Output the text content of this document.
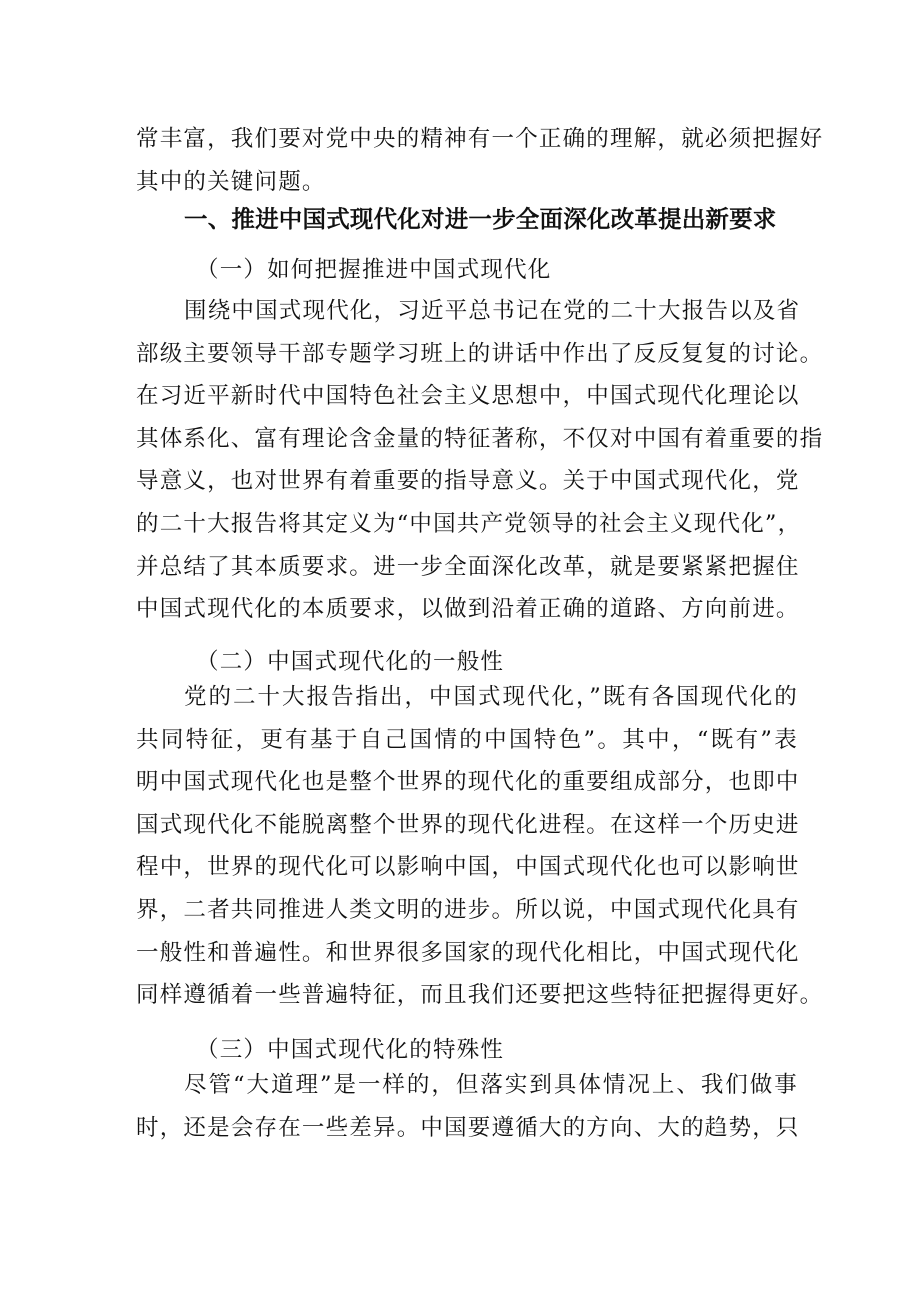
常丰富，我们要对党中央的精神有一个正确的理解，就必须把握好
其中的关键问题。
一、推进中国式现代化对进一步全面深化改革提出新要求
（一）如何把握推进中国式现代化
围绕中国式现代化，习近平总书记在党的二十大报告以及省
部级主要领导干部专题学习班上的讲话中作出了反反复复的讨论。
在习近平新时代中国特色社会主义思想中，中国式现代化理论以
其体系化、富有理论含金量的特征著称，不仅对中国有着重要的指
导意义，也对世界有着重要的指导意义。关于中国式现代化，党
的二十大报告将其定义为“中国共产党领导的社会主义现代化”，
并总结了其本质要求。进一步全面深化改革，就是要紧紧把握住
中国式现代化的本质要求，以做到沿着正确的道路、方向前进。
（二）中国式现代化的一般性
党的二十大报告指出，中国式现代化，”既有各国现代化的
共同特征，更有基于自己国情的中国特色”。其中，“既有”表
明中国式现代化也是整个世界的现代化的重要组成部分，也即中
国式现代化不能脱离整个世界的现代化进程。在这样一个历史进
程中，世界的现代化可以影响中国，中国式现代化也可以影响世
界，二者共同推进人类文明的进步。所以说，中国式现代化具有
一般性和普遍性。和世界很多国家的现代化相比，中国式现代化
同样遵循着一些普遍特征，而且我们还要把这些特征把握得更好。
（三）中国式现代化的特殊性
尽管“大道理”是一样的，但落实到具体情况上、我们做事
时，还是会存在一些差异。中国要遵循大的方向、大的趋势，只
